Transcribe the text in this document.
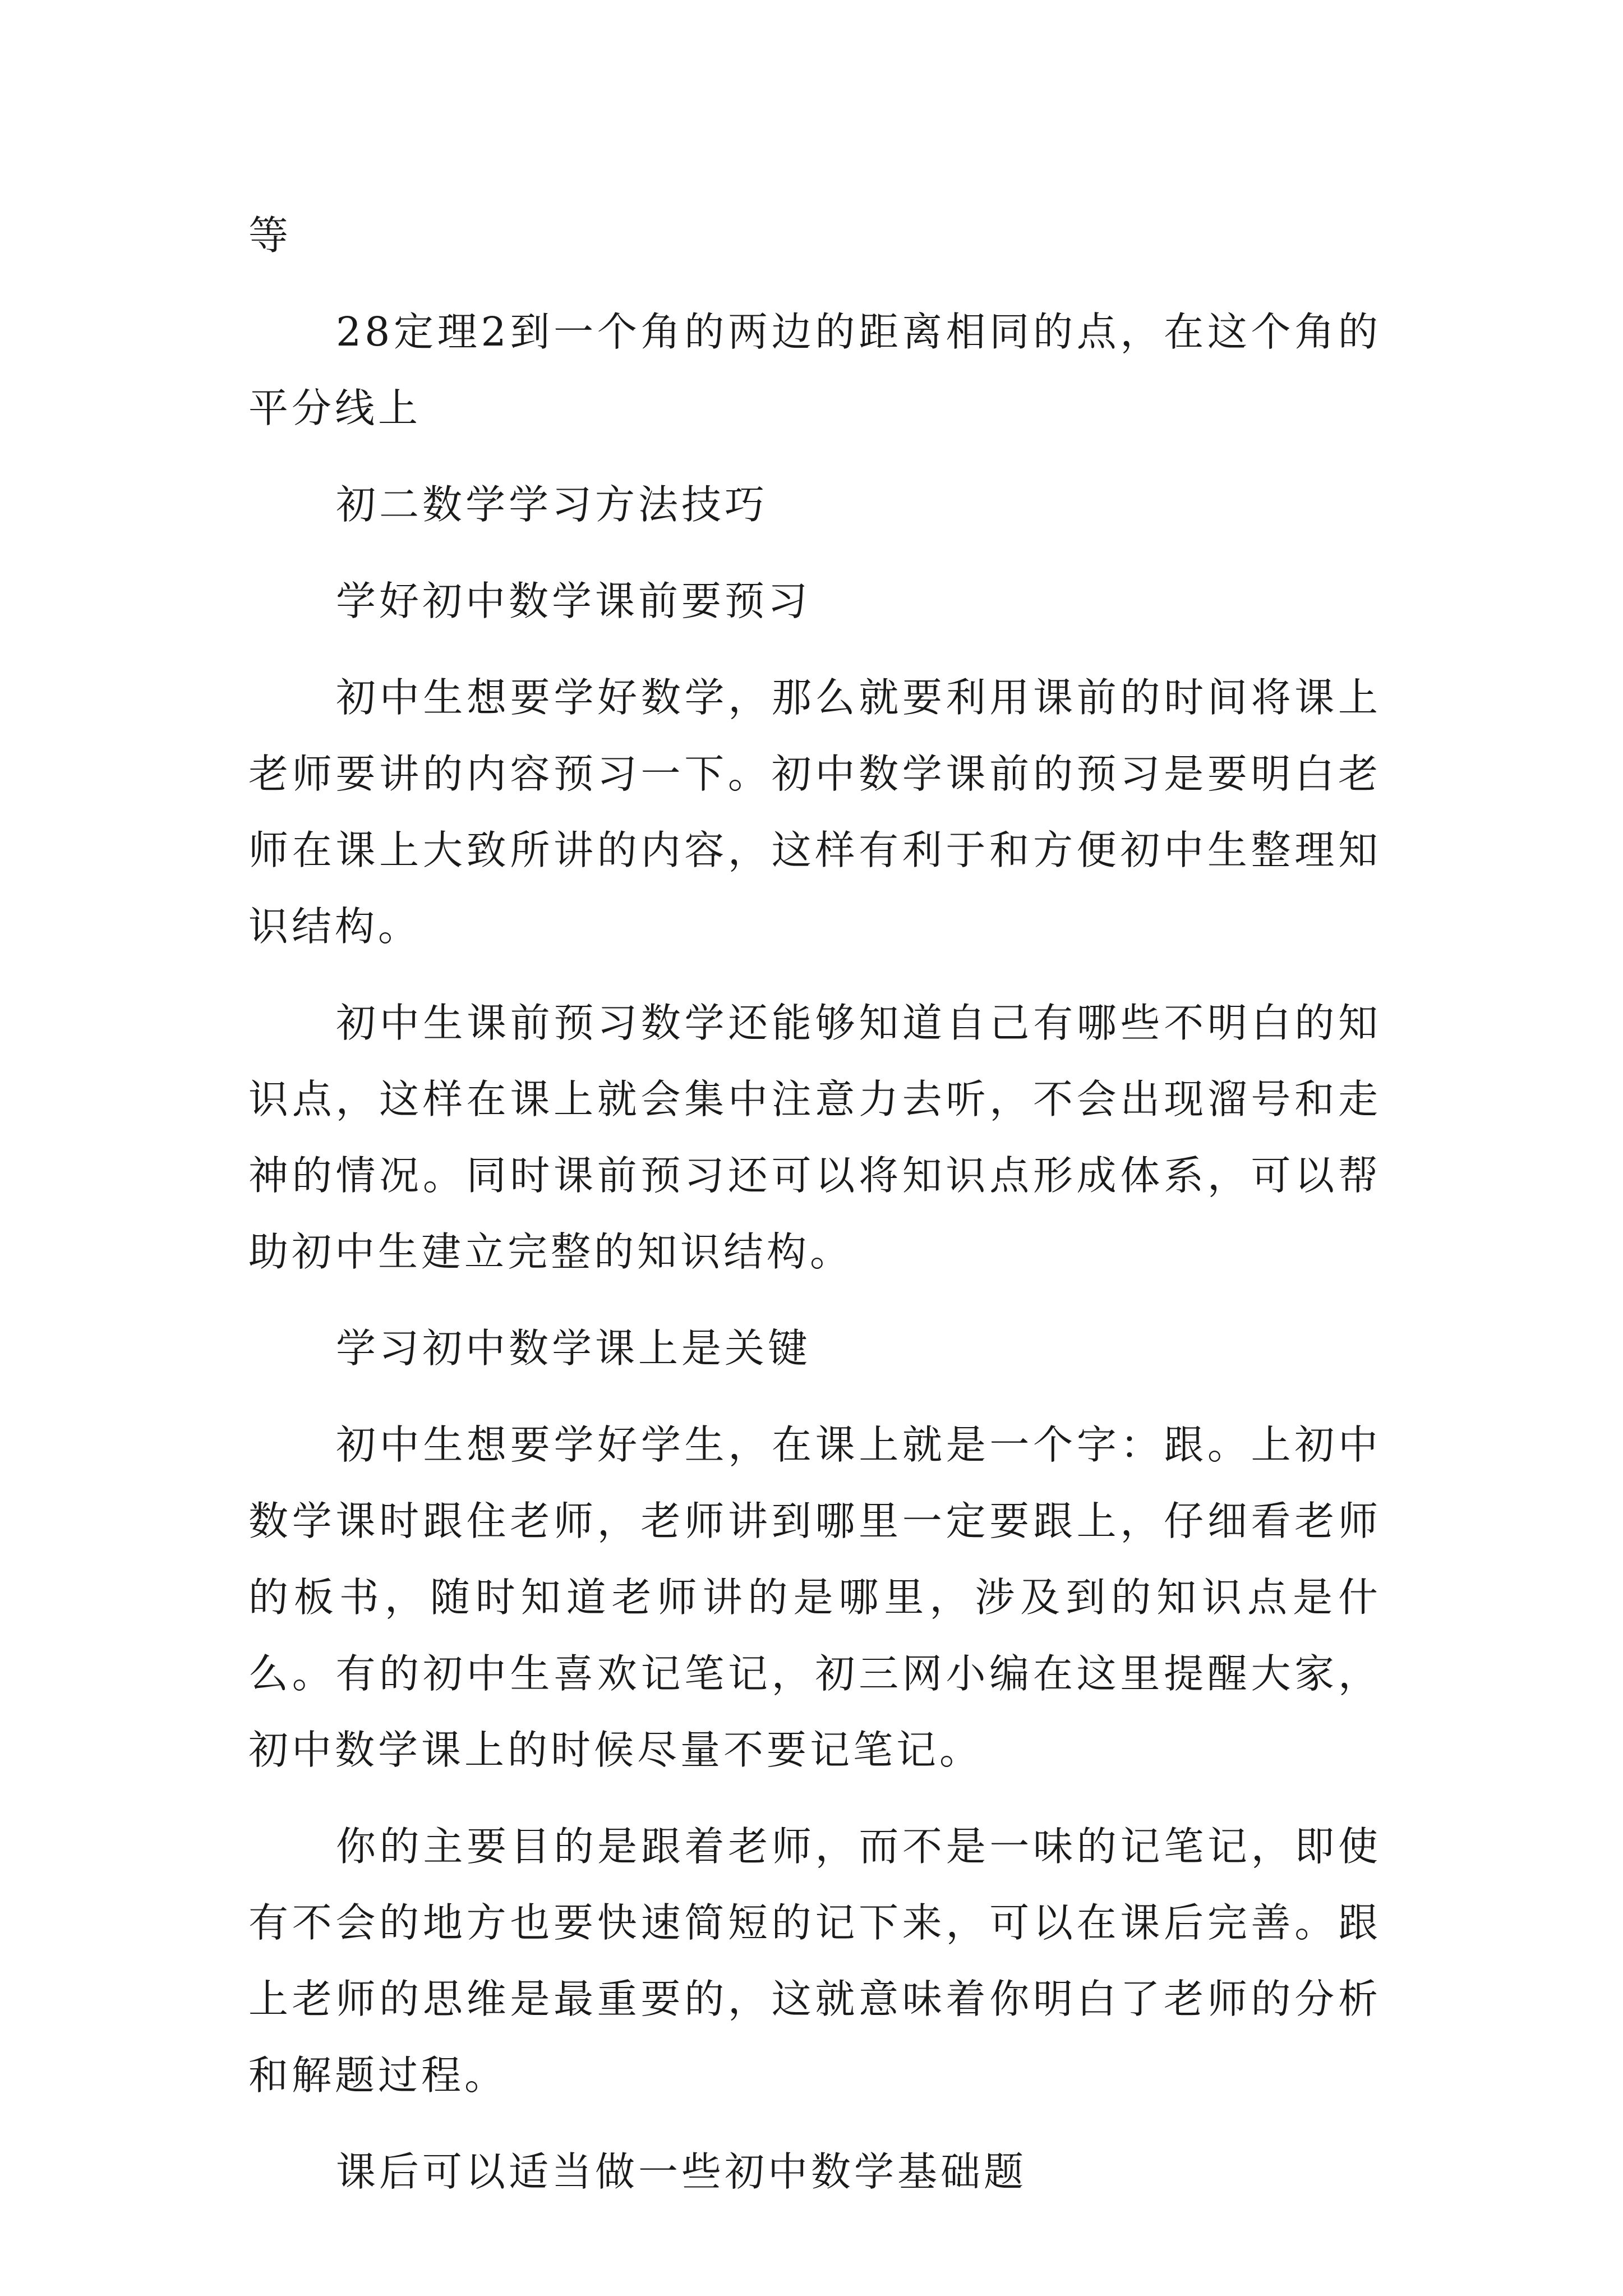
等

28定理2到一个角的两边的距离相同的点，在这个角的平分线上

初二数学学习方法技巧

学好初中数学课前要预习

初中生想要学好数学，那么就要利用课前的时间将课上老师要讲的内容预习一下。初中数学课前的预习是要明白老师在课上大致所讲的内容，这样有利于和方便初中生整理知识结构。

初中生课前预习数学还能够知道自己有哪些不明白的知识点，这样在课上就会集中注意力去听，不会出现溜号和走神的情况。同时课前预习还可以将知识点形成体系，可以帮助初中生建立完整的知识结构。

学习初中数学课上是关键

初中生想要学好学生，在课上就是一个字：跟。上初中数学课时跟住老师，老师讲到哪里一定要跟上，仔细看老师的板书，随时知道老师讲的是哪里，涉及到的知识点是什么。有的初中生喜欢记笔记，初三网小编在这里提醒大家，初中数学课上的时候尽量不要记笔记。

你的主要目的是跟着老师，而不是一味的记笔记，即使有不会的地方也要快速简短的记下来，可以在课后完善。跟上老师的思维是最重要的，这就意味着你明白了老师的分析和解题过程。

课后可以适当做一些初中数学基础题
